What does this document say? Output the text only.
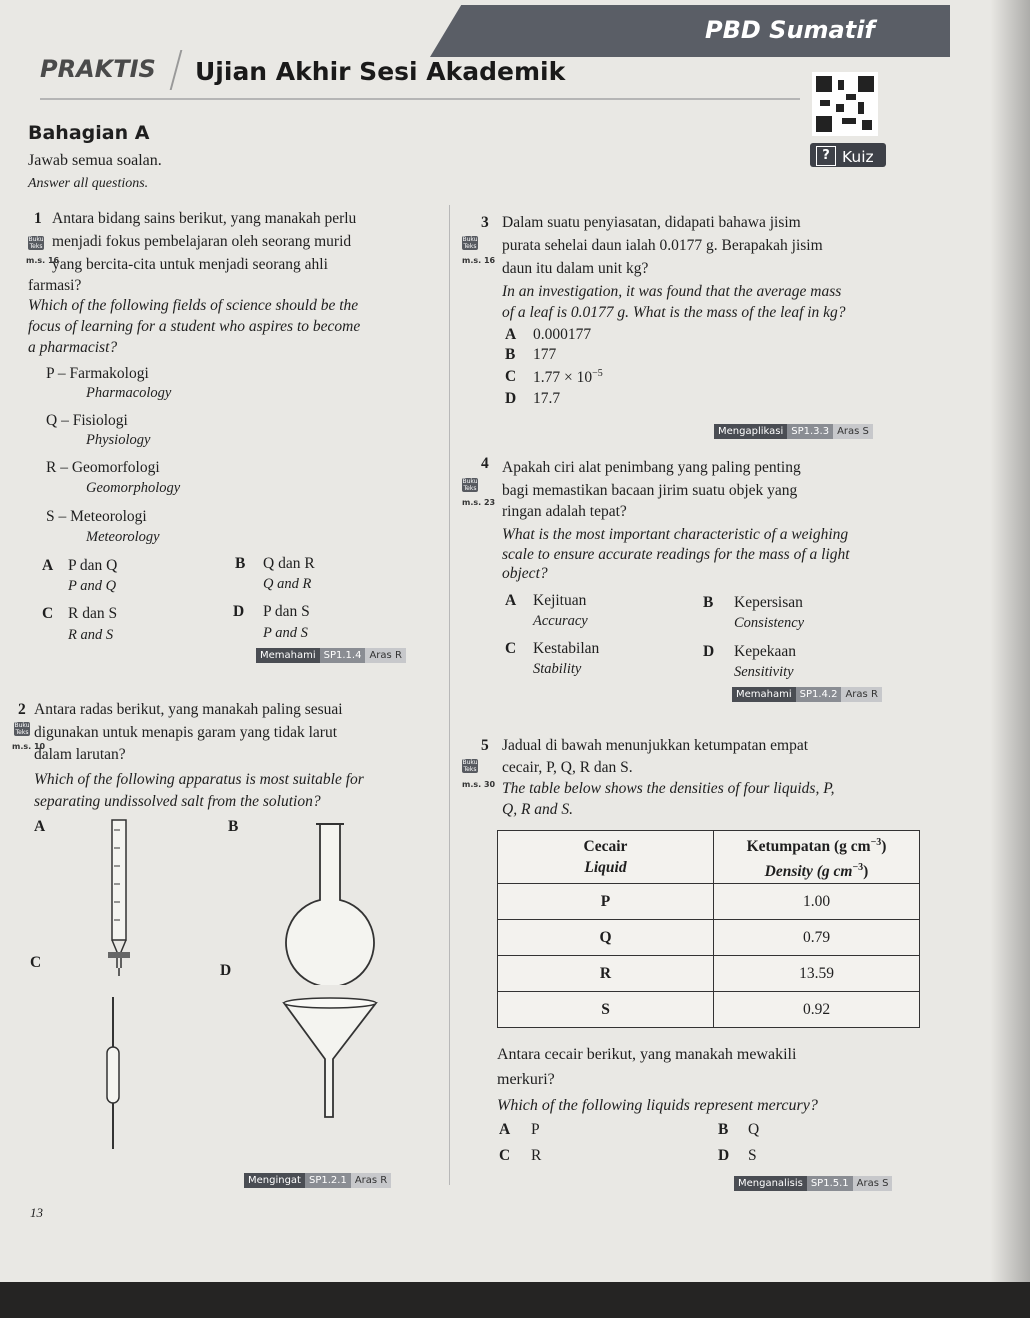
PBD Sumatif
PRAKTIS Ujian Akhir Sesi Akademik
? Kuiz
Bahagian A
Jawab semua soalan.
Answer all questions.
1
Buku Teks
m.s. 16
Antara bidang sains berikut, yang manakah perlu
menjadi fokus pembelajaran oleh seorang murid
yang bercita-cita untuk menjadi seorang ahli
farmasi?
Which of the following fields of science should be the
focus of learning for a student who aspires to become
a pharmacist?
P – Farmakologi
Pharmacology
Q – Fisiologi
Physiology
R – Geomorfologi
Geomorphology
S – Meteorologi
Meteorology
A P dan Q
P and Q
B Q dan R
Q and R
C R dan S
R and S
D P dan S
P and S
Memahami SP1.1.4 Aras R
2
Buku Teks
m.s. 10
Antara radas berikut, yang manakah paling sesuai
digunakan untuk menapis garam yang tidak larut
dalam larutan?
Which of the following apparatus is most suitable for
separating undissolved salt from the solution?
A	B
C	D
Mengingat SP1.2.1 Aras R
3
Buku Teks
m.s. 16
Dalam suatu penyiasatan, didapati bahawa jisim
purata sehelai daun ialah 0.0177 g. Berapakah jisim
daun itu dalam unit kg?
In an investigation, it was found that the average mass
of a leaf is 0.0177 g. What is the mass of the leaf in kg?
A 0.000177
B 177
C $1.77 \times 10^{-5}$
D 17.7
Mengaplikasi SP1.3.3 Aras S
4
Buku Teks
m.s. 23
Apakah ciri alat penimbang yang paling penting
bagi memastikan bacaan jirim suatu objek yang
ringan adalah tepat?
What is the most important characteristic of a weighing
scale to ensure accurate readings for the mass of a light
object?
A Kejituan
Accuracy
B Kepersisan
Consistency
C Kestabilan
Stability
D Kepekaan
Sensitivity
Memahami SP1.4.2 Aras R
5
Buku Teks
m.s. 30
Jadual di bawah menunjukkan ketumpatan empat
cecair, P, Q, R dan S.
The table below shows the densities of four liquids, P,
Q, R and S.
Cecair
Liquid	Ketumpatan (g $cm^{-3}$)
Density (g $cm^{-3}$)
P	1.00
Q	0.79
R	13.59
S	0.92
Antara cecair berikut, yang manakah mewakili
merkuri?
Which of the following liquids represent mercury?
A P	B Q
C R	D S
Menganalisis SP1.5.1 Aras S
13
